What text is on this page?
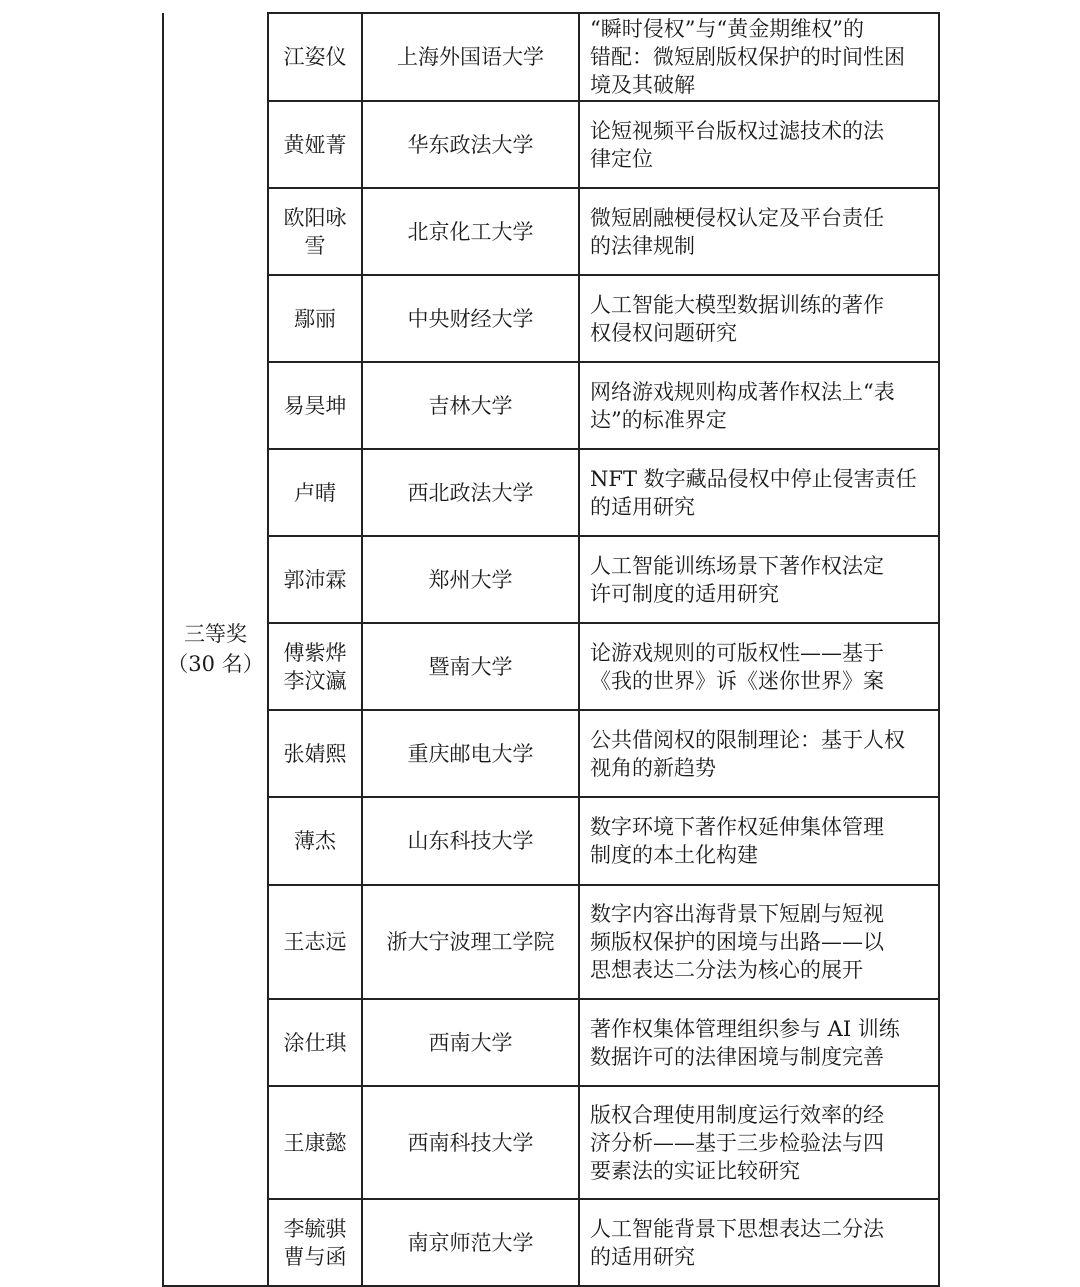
三等奖
（30 名）	江姿仪	上海外国语大学	“瞬时侵权”与“黄金期维权”的
错配：微短剧版权保护的时间性困
境及其破解

	黄娅菁	华东政法大学	论短视频平台版权过滤技术的法
律定位

	欧阳咏
雪	北京化工大学	微短剧融梗侵权认定及平台责任
的法律规制

	鄢丽	中央财经大学	人工智能大模型数据训练的著作
权侵权问题研究

	易昊坤	吉林大学	网络游戏规则构成著作权法上“表
达”的标准界定

	卢晴	西北政法大学	NFT 数字藏品侵权中停止侵害责任
的适用研究

	郭沛霖	郑州大学	人工智能训练场景下著作权法定
许可制度的适用研究

	傅紫烨
李汶瀛	暨南大学	论游戏规则的可版权性——基于
《我的世界》诉《迷你世界》案

	张婧熙	重庆邮电大学	公共借阅权的限制理论：基于人权
视角的新趋势

	薄杰	山东科技大学	数字环境下著作权延伸集体管理
制度的本土化构建

	王志远	浙大宁波理工学院	数字内容出海背景下短剧与短视
频版权保护的困境与出路——以
思想表达二分法为核心的展开

	涂仕琪	西南大学	著作权集体管理组织参与 AI 训练
数据许可的法律困境与制度完善

	王康懿	西南科技大学	版权合理使用制度运行效率的经
济分析——基于三步检验法与四
要素法的实证比较研究

	李毓骐
曹与函	南京师范大学	人工智能背景下思想表达二分法
的适用研究
